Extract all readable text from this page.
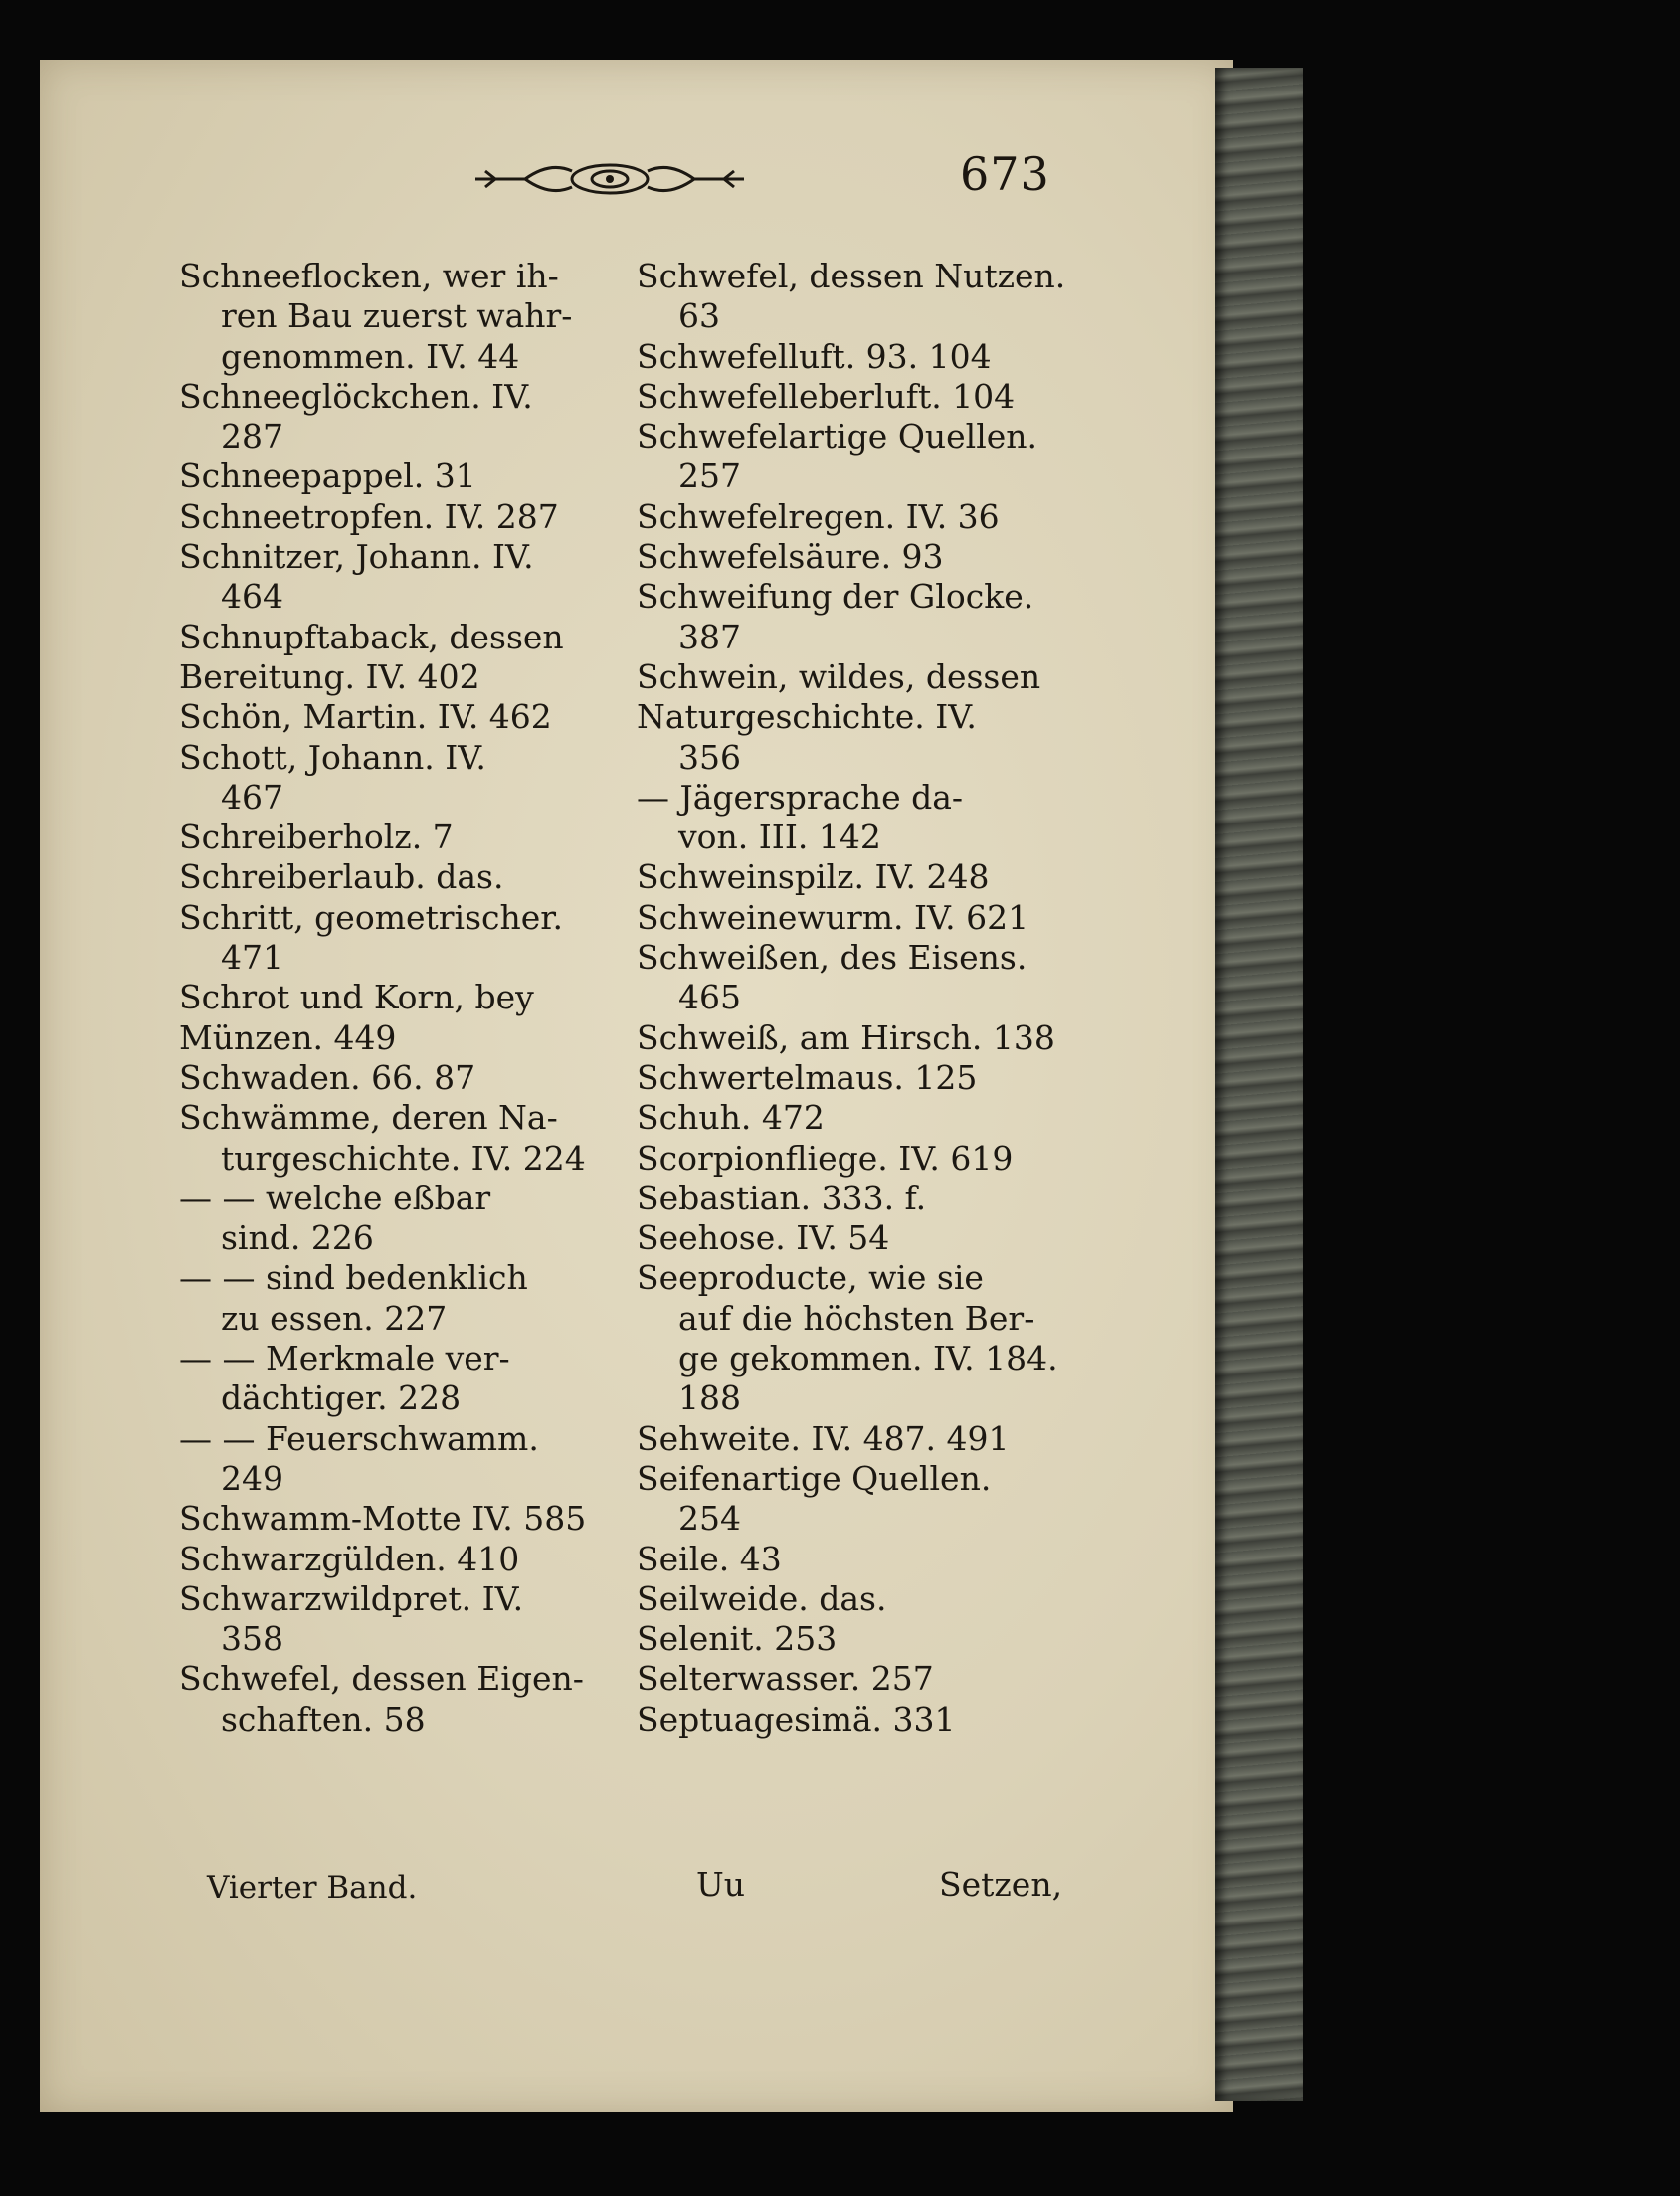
673
Schneeflocken, wer ih-
ren Bau zuerst wahr-
genommen. IV. 44
Schneeglöckchen. IV.
287
Schneepappel. 31
Schneetropfen. IV. 287
Schnitzer, Johann. IV.
464
Schnupftaback, dessen
Bereitung. IV. 402
Schön, Martin. IV. 462
Schott, Johann. IV.
467
Schreiberholz. 7
Schreiberlaub. das.
Schritt, geometrischer.
471
Schrot und Korn, bey
Münzen. 449
Schwaden. 66. 87
Schwämme, deren Na-
turgeschichte. IV. 224
— — welche eßbar
sind. 226
— — sind bedenklich
zu essen. 227
— — Merkmale ver-
dächtiger. 228
— — Feuerschwamm.
249
Schwamm-Motte IV. 585
Schwarzgülden. 410
Schwarzwildpret. IV.
358
Schwefel, dessen Eigen-
schaften. 58
Schwefel, dessen Nutzen.
63
Schwefelluft. 93. 104
Schwefelleberluft. 104
Schwefelartige Quellen.
257
Schwefelregen. IV. 36
Schwefelsäure. 93
Schweifung der Glocke.
387
Schwein, wildes, dessen
Naturgeschichte. IV.
356
— Jägersprache da-
von. III. 142
Schweinspilz. IV. 248
Schweinewurm. IV. 621
Schweißen, des Eisens.
465
Schweiß, am Hirsch. 138
Schwertelmaus. 125
Schuh. 472
Scorpionfliege. IV. 619
Sebastian. 333. f.
Seehose. IV. 54
Seeproducte, wie sie
auf die höchsten Ber-
ge gekommen. IV. 184.
188
Sehweite. IV. 487. 491
Seifenartige Quellen.
254
Seile. 43
Seilweide. das.
Selenit. 253
Selterwasser. 257
Septuagesimä. 331
Vierter Band.	Uu	Setzen,
